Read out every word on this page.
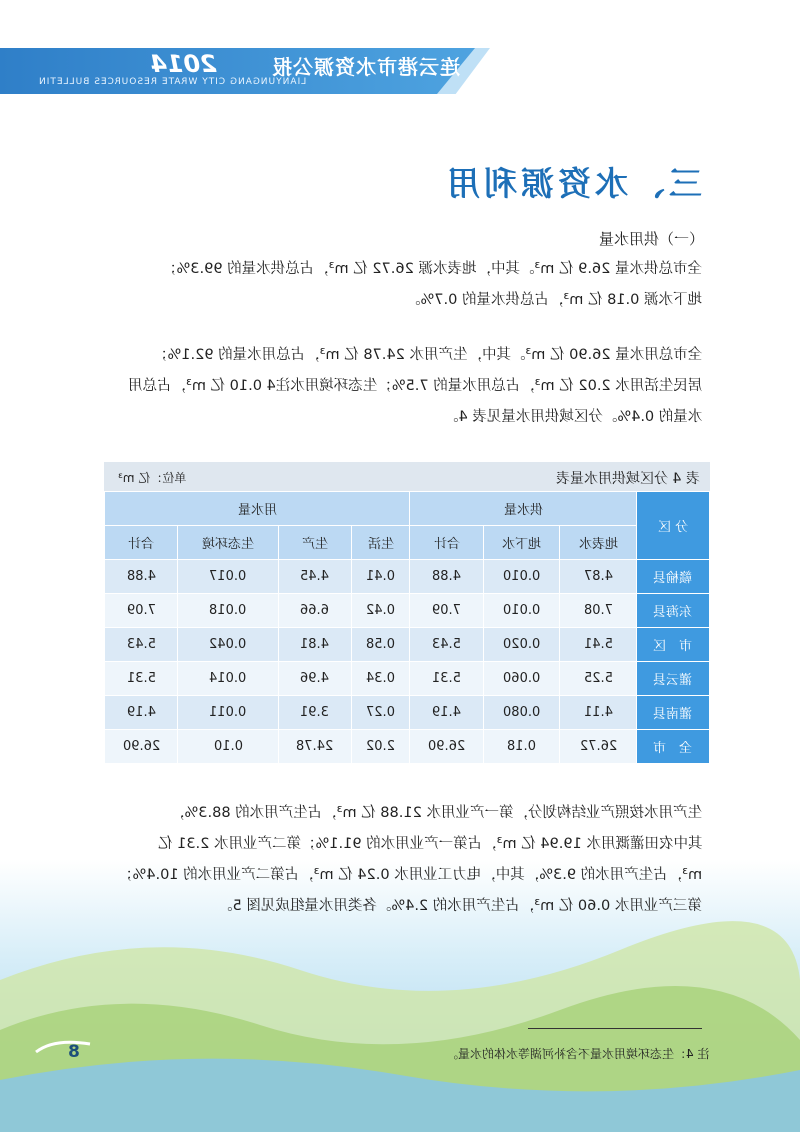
连云港市水资源公报
2014
LIANYUNGANG CITY WRATE RESOURCES BULLETIN
三、水资源利用
（一）供用水量
全市总供水量 26.9 亿 m³。其中，地表水源 26.72 亿 m³，占总供水量的 99.3%；
地下水源 0.18 亿 m³，占总供水量的 0.7%。
全市总用水量 26.90 亿 m³。其中，生产用水 24.78 亿 m³，占总用水量的 92.1%；
居民生活用水 2.02 亿 m³，占总用水量的 7.5%；生态环境用水注4 0.10 亿 m³，占总用
水量的 0.4%。分区域供用水量见表 4。
表 4 分区域供用水量表
单位：亿 m³
用水量				供水量			分 区
合计	生态环境	生产	生活	合计	地下水	地表水	
4.88	0.017	4.45	0.41	4.88	0.010	4.87	赣榆县
7.09	0.018	6.66	0.42	7.09	0.010	7.08	东海县
5.43	0.042	4.81	0.58	5.43	0.020	5.41	市　区
5.31	0.014	4.96	0.34	5.31	0.060	5.25	灌云县
4.19	0.011	3.91	0.27	4.19	0.080	4.11	灌南县
26.90	0.10	24.78	2.02	26.90	0.18	26.72	全　市
生产用水按照产业结构划分，第一产业用水 21.88 亿 m³，占生产用水的 88.3%，
其中农田灌溉用水 19.94 亿 m³，占第一产业用水的 91.1%；第二产业用水 2.31 亿
m³，占生产用水的 9.3%，其中，电力工业用水 0.24 亿 m³，占第二产业用水的 10.4%；
第三产业用水 0.60 亿 m³，占生产用水的 2.4%。各类用水量组成见图 5。
注 4：生态环境用水量不含补河湖等水体的水量。
8
